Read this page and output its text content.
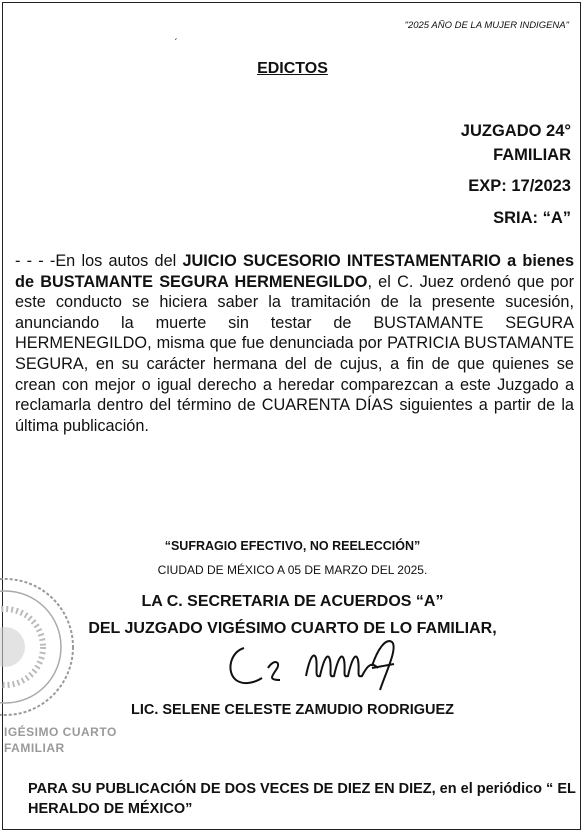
"2025 AÑO DE LA MUJER INDIGENA"
ˏ
EDICTOS
JUZGADO 24°
FAMILIAR
EXP: 17/2023
SRIA: “A”
- - - -En los autos del JUICIO SUCESORIO INTESTAMENTARIO a bienes de BUSTAMANTE SEGURA HERMENEGILDO, el C. Juez ordenó que por este conducto se hiciera saber la tramitación de la presente sucesión, anunciando la muerte sin testar de BUSTAMANTE SEGURA HERMENEGILDO, misma que fue denunciada por PATRICIA BUSTAMANTE SEGURA, en su carácter hermana del de cujus, a fin de que quienes se crean con mejor o igual derecho a heredar comparezcan a este Juzgado a reclamarla dentro del término de CUARENTA DÍAS siguientes a partir de la última publicación.
“SUFRAGIO EFECTIVO, NO REELECCIÓN”
CIUDAD DE MÉXICO A 05 DE MARZO DEL 2025.
LA C. SECRETARIA DE ACUERDOS “A”
DEL JUZGADO VIGÉSIMO CUARTO DE LO FAMILIAR,
IGÉSIMO CUARTO
FAMILIAR
LIC. SELENE CELESTE ZAMUDIO RODRIGUEZ
PARA SU PUBLICACIÓN DE DOS VECES DE DIEZ EN DIEZ, en el periódico “ EL HERALDO DE MÉXICO”
